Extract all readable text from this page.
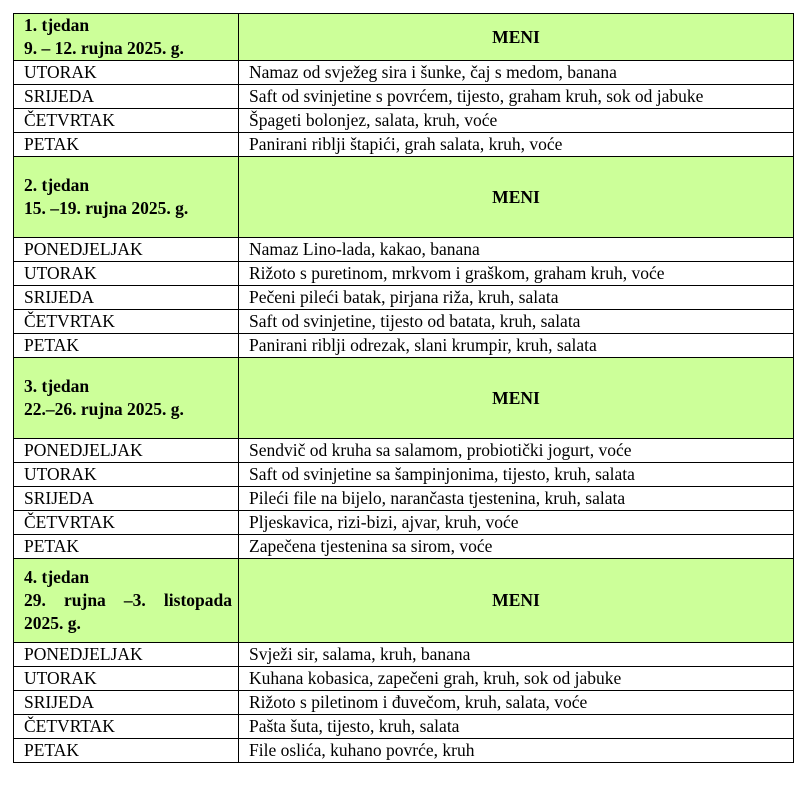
1. tjedan
9. – 12. rujna 2025. g.	MENI
UTORAK	Namaz od svježeg sira i šunke, čaj s medom, banana
SRIJEDA	Saft od svinjetine s povrćem, tijesto, graham kruh, sok od jabuke
ČETVRTAK	Špageti bolonjez, salata, kruh, voće
PETAK	Panirani riblji štapići, grah salata, kruh, voće

2. tjedan
15. –19. rujna 2025. g.	MENI
PONEDJELJAK	Namaz Lino-lada, kakao, banana
UTORAK	Rižoto s puretinom, mrkvom i graškom, graham kruh, voće
SRIJEDA	Pečeni pileći batak, pirjana riža, kruh, salata
ČETVRTAK	Saft od svinjetine, tijesto od batata, kruh, salata
PETAK	Panirani riblji odrezak, slani krumpir, kruh, salata

3. tjedan
22.–26. rujna 2025. g.	MENI
PONEDJELJAK	Sendvič od kruha sa salamom, probiotički jogurt, voće
UTORAK	Saft od svinjetine sa šampinjonima, tijesto, kruh, salata
SRIJEDA	Pileći file na bijelo, narančasta tjestenina, kruh, salata
ČETVRTAK	Pljeskavica, rizi-bizi, ajvar, kruh, voće
PETAK	Zapečena tjestenina sa sirom, voće

4. tjedan
29. rujna –3. listopada
2025. g.	MENI
PONEDJELJAK	Svježi sir, salama, kruh, banana
UTORAK	Kuhana kobasica, zapečeni grah, kruh, sok od jabuke
SRIJEDA	Rižoto s piletinom i đuvečom, kruh, salata, voće
ČETVRTAK	Pašta šuta, tijesto, kruh, salata
PETAK	File oslića, kuhano povrće, kruh
